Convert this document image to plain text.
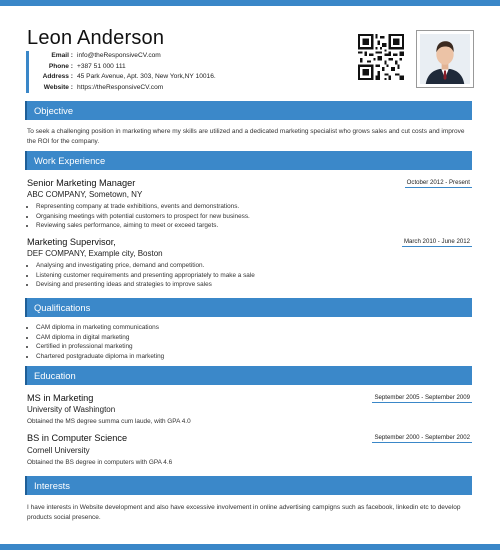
Leon Anderson
Email : info@theResponsiveCV.com
Phone : +387 51 000 111
Address : 45 Park Avenue, Apt. 303, New York,NY 10016.
Website : https://theResponsiveCV.com
Objective
To seek a challenging position in marketing where my skills are utilized and a dedicated marketing specialist who grows sales and cut costs and improve the ROI for the company.
Work Experience
Senior Marketing Manager	October 2012 - Present
ABC COMPANY, Sometown, NY
• Representing company at trade exhibitions, events and demonstrations.
• Organising meetings with potential customers to prospect for new business.
• Reviewing sales performance, aiming to meet or exceed targets.
Marketing Supervisor,	March 2010 - June 2012
DEF COMPANY, Example city, Boston
• Analysing and investigating price, demand and competition.
• Listening customer requirements and presenting appropriately to make a sale
• Devising and presenting ideas and strategies to improve sales
Qualifications
• CAM diploma in marketing communications
• CAM diploma in digital marketing
• Certified in professional marketing
• Chartered postgraduate diploma in marketing
Education
MS in Marketing	September 2005 - September 2009
University of Washington
Obtained the MS degree summa cum laude, with GPA 4.0
BS in Computer Science	September 2000 - September 2002
Cornell University
Obtained the BS degree in computers with GPA 4.6
Interests
I have interests in Website development and also have excessive involvement in online advertising campigns such as facebook, linkedin etc to develop products social presence.
